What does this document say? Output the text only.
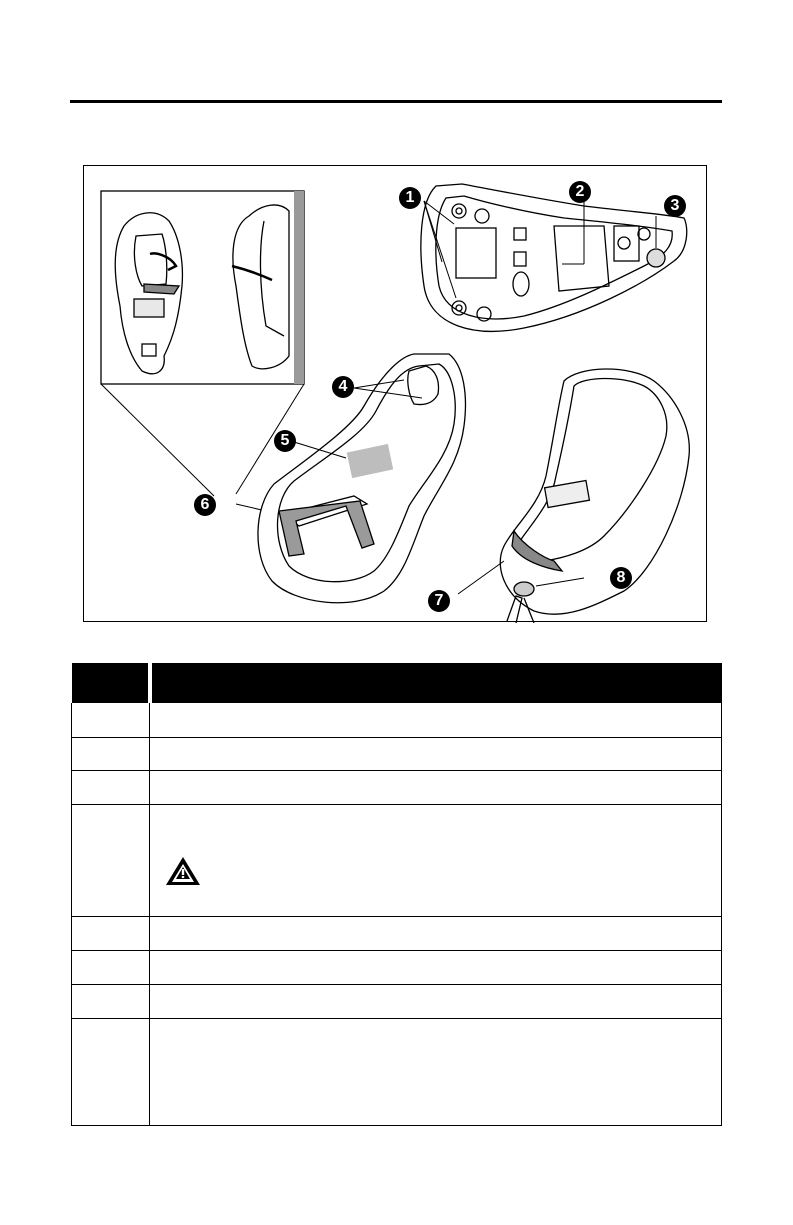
1	2
3
4
5
6
7
8
